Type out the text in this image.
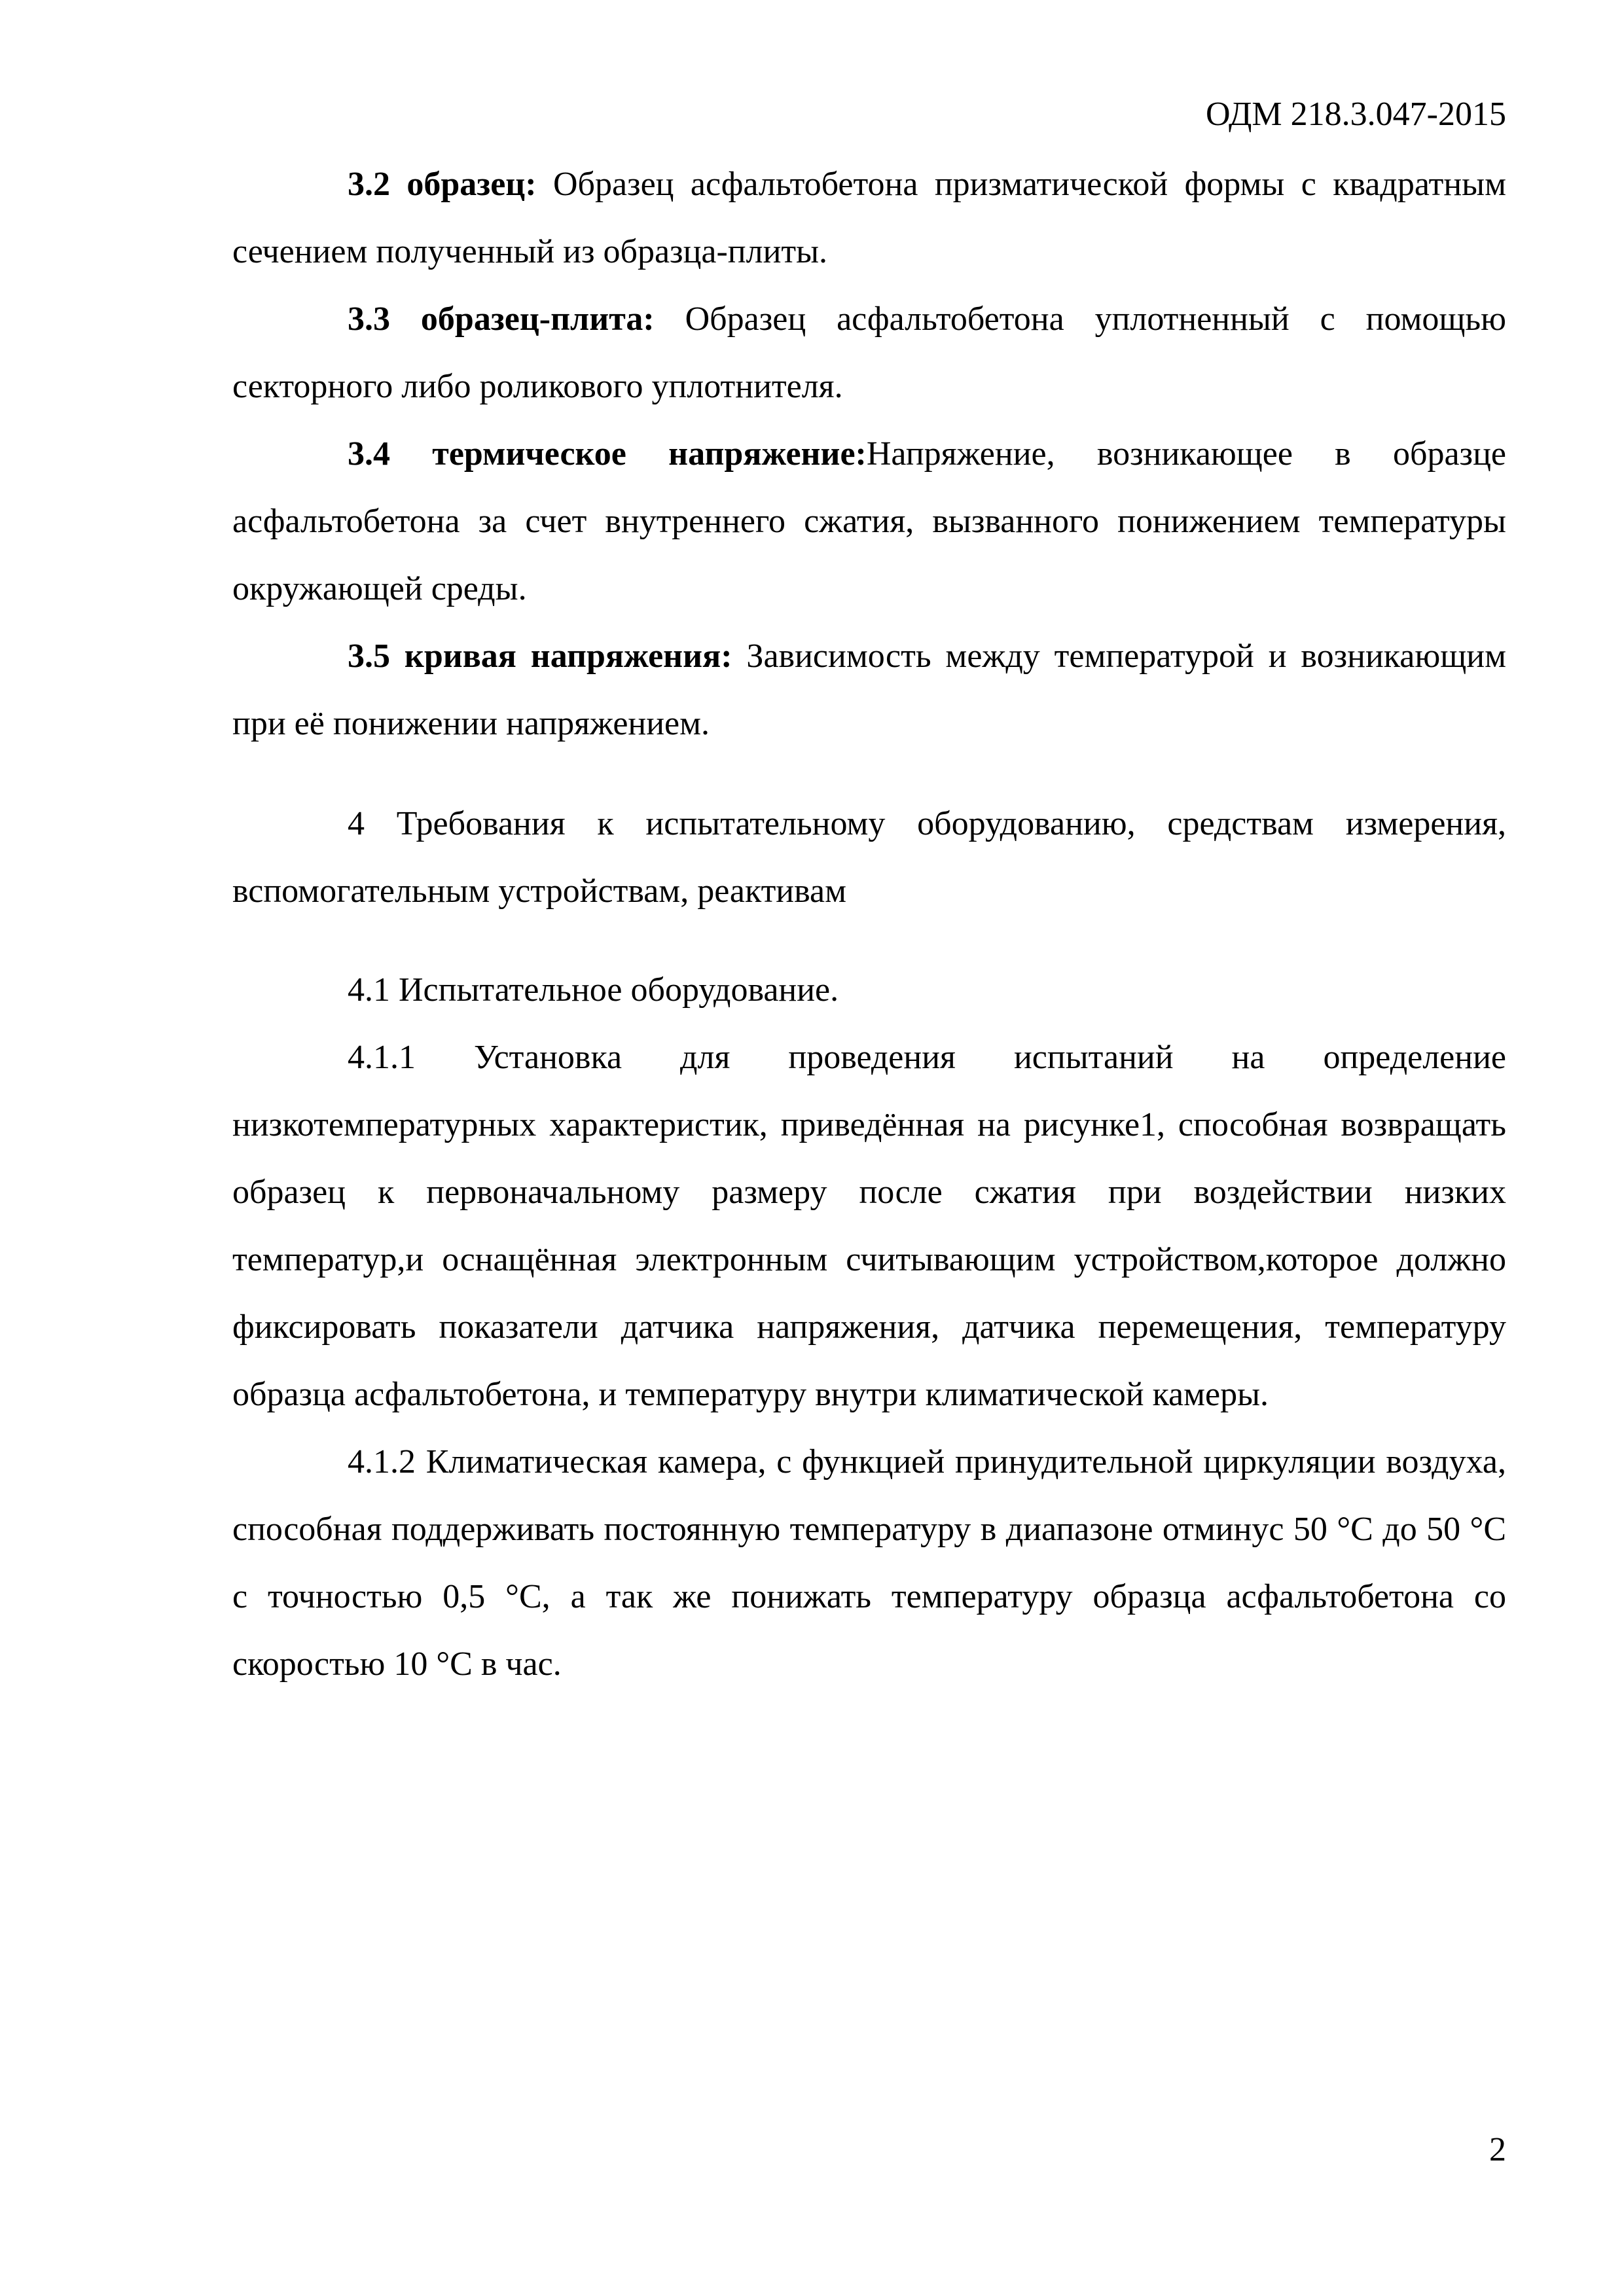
ОДМ 218.3.047-2015

3.2 образец: Образец асфальтобетона призматической формы с квадратным сечением полученный из образца-плиты.

3.3 образец-плита: Образец асфальтобетона уплотненный с помощью секторного либо роликового уплотнителя.

3.4 термическое напряжение:Напряжение, возникающее в образце асфальтобетона за счет внутреннего сжатия, вызванного понижением температуры окружающей среды.

3.5 кривая напряжения: Зависимость между температурой и возникающим при её понижении напряжением.

4 Требования к испытательному оборудованию, средствам измерения, вспомогательным устройствам, реактивам

4.1 Испытательное оборудование.

4.1.1 Установка для проведения испытаний на определение низкотемпературных характеристик, приведённая на рисунке1, способная возвращать образец к первоначальному размеру после сжатия при воздействии низких температур,и оснащённая электронным считывающим устройством,которое должно фиксировать показатели датчика напряжения, датчика перемещения, температуру образца асфальтобетона, и температуру внутри климатической камеры.

4.1.2 Климатическая камера, с функцией принудительной циркуляции воздуха, способная поддерживать постоянную температуру в диапазоне отминус 50 °С до 50 °С с точностью 0,5 °С, а так же понижать температуру образца асфальтобетона со скоростью 10 °С в час.

2
